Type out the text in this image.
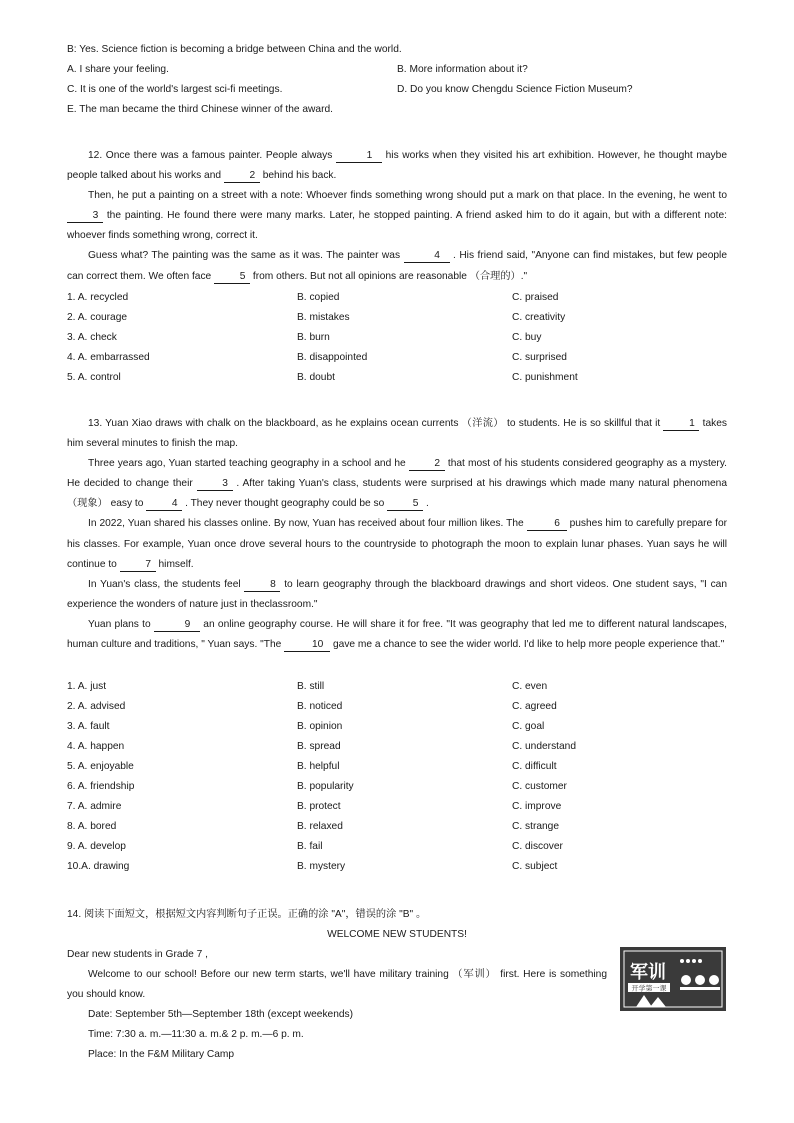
B: Yes. Science fiction is becoming a bridge between China and the world.
A. I share your feeling.	B. More information about it?
C. It is one of the world's largest sci-fi meetings.	D. Do you know Chengdu Science Fiction Museum?
E. The man became the third Chinese winner of the award.

12. Once there was a famous painter. People always	1 his works when they visited his art exhibition. However, he thought maybe people talked about his works and	2 behind his back.

Then, he put a painting on a street with a note: Whoever finds something wrong should put a mark on that place. In the evening, he went to 3 the painting. He found there were many marks. Later, he stopped painting. A friend asked him to do it again, but with a different note: whoever finds something wrong, correct it.

Guess what? The painting was the same as it was. The painter was	4 . His friend said, "Anyone can find mistakes, but few people can correct them. We often face	5 from others. But not all opinions are reasonable （合理的）."

1. A. recycled	B. copied	C. praised
2. A. courage	B. mistakes	C. creativity
3. A. check	B. burn	C. buy
4. A. embarrassed	B. disappointed	C. surprised
5. A. control	B. doubt	C. punishment

13. Yuan Xiao draws with chalk on the blackboard, as he explains ocean currents （洋流） to students. He is so skillful that it	1 takes him several minutes to finish the map.

Three years ago, Yuan started teaching geography in a school and he	2 that most of his students considered geography as a mystery. He decided to change their	3 . After taking Yuan's class, students were surprised at his drawings which made many natural phenomena （现象） easy to	4 . They never thought geography could be so	5 .

In 2022, Yuan shared his classes online. By now, Yuan has received about four million likes. The	6 pushes him to carefully prepare for his classes. For example, Yuan once drove several hours to the countryside to photograph the moon to explain lunar phases. Yuan says he will continue to	7 himself.

In Yuan's class, the students feel	8 to learn geography through the blackboard drawings and short videos. One student says, "I can experience the wonders of nature just in theclassroom."

Yuan plans to	9 an online geography course. He will share it for free. "It was geography that led me to different natural landscapes, human culture and traditions, " Yuan says. "The	10 gave me a chance to see the wider world. I'd like to help more people experience that."

1. A. just	B. still	C. even
2. A. advised	B. noticed	C. agreed
3. A. fault	B. opinion	C. goal
4. A. happen	B. spread	C. understand
5. A. enjoyable	B. helpful	C. difficult
6. A. friendship	B. popularity	C. customer
7. A. admire	B. protect	C. improve
8. A. bored	B. relaxed	C. strange
9. A. develop	B. fail	C. discover
10.A. drawing	B. mystery	C. subject
14. 阅读下面短文，根据短文内容判断句子正误。正确的涂 "A"，错误的涂 "B" 。
WELCOME NEW STUDENTS!
Dear new students in Grade 7 ,

Welcome to our school! Before our new term starts, we'll have military training （军训） first. Here is something you should know.

Date: September 5th—September 18th (except weekends)
Time: 7:30 a. m.—11:30 a. m.& 2 p. m.—6 p. m.
Place: In the F&M Military Camp
军训
开学第一课
